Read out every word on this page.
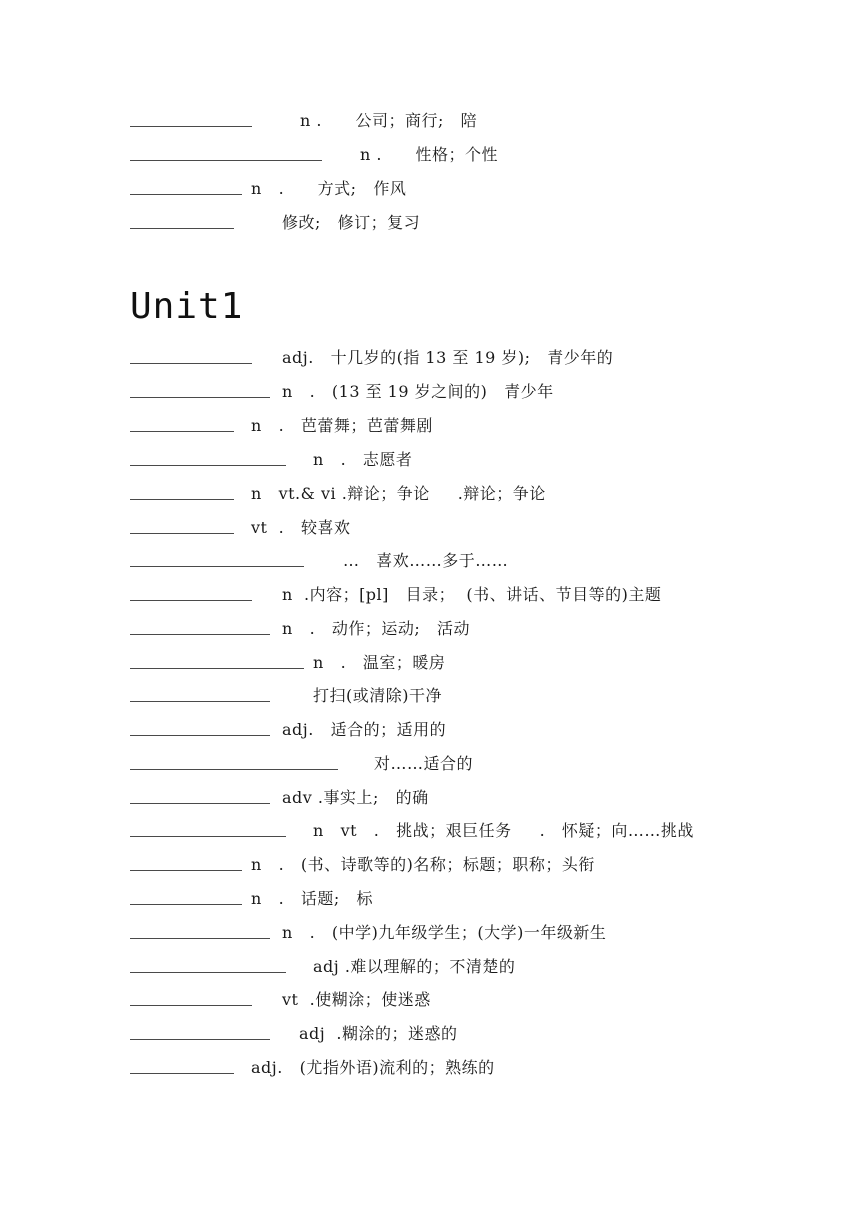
n .      公司；商行;   陪
n .      性格；个性
n   .      方式;   作风
修改;   修订；复习
Unit1
adj.   十几岁的(指 13 至 19 岁);   青少年的
n   .   (13 至 19 岁之间的)   青少年
n   .   芭蕾舞；芭蕾舞剧
n   .   志愿者
n   vt.& vi .辩论；争论     .辩论；争论
vt  .   较喜欢
…   喜欢……多于……
n  .内容；[pl]   目录；  (书、讲话、节目等的)主题
n   .   动作；运动;   活动
n   .   温室；暖房
打扫(或清除)干净
adj.   适合的；适用的
对……适合的
adv .事实上;   的确
n   vt   .   挑战；艰巨任务     .   怀疑；向……挑战
n   .   (书、诗歌等的)名称；标题；职称；头衔
n   .   话题;   标
n   .   (中学)九年级学生；(大学)一年级新生
adj .难以理解的；不清楚的
vt  .使糊涂；使迷惑
adj  .糊涂的；迷惑的
adj.   (尤指外语)流利的；熟练的
